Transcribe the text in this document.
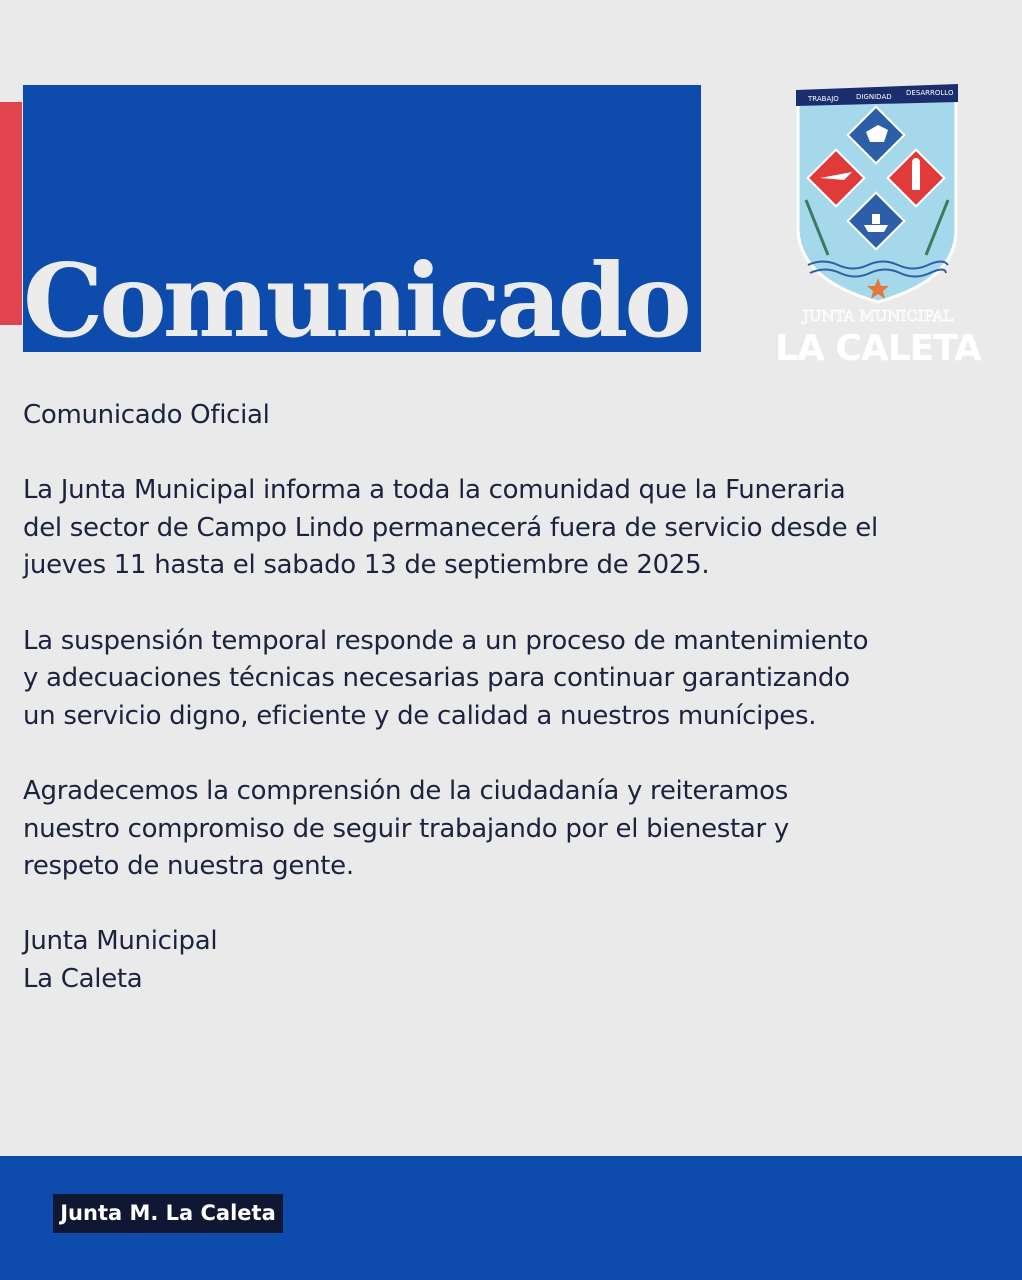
Comunicado
TRABAJO DIGNIDAD DESARROLLO
JUNTA MUNICIPAL
LA CALETA

Comunicado Oficial

La Junta Municipal informa a toda la comunidad que la Funeraria del sector de Campo Lindo permanecerá fuera de servicio desde el jueves 11 hasta el sabado 13 de septiembre de 2025.

La suspensión temporal responde a un proceso de mantenimiento y adecuaciones técnicas necesarias para continuar garantizando un servicio digno, eficiente y de calidad a nuestros munícipes.

Agradecemos la comprensión de la ciudadanía y reiteramos nuestro compromiso de seguir trabajando por el bienestar y respeto de nuestra gente.

Junta Municipal

La Caleta

Junta M. La Caleta
